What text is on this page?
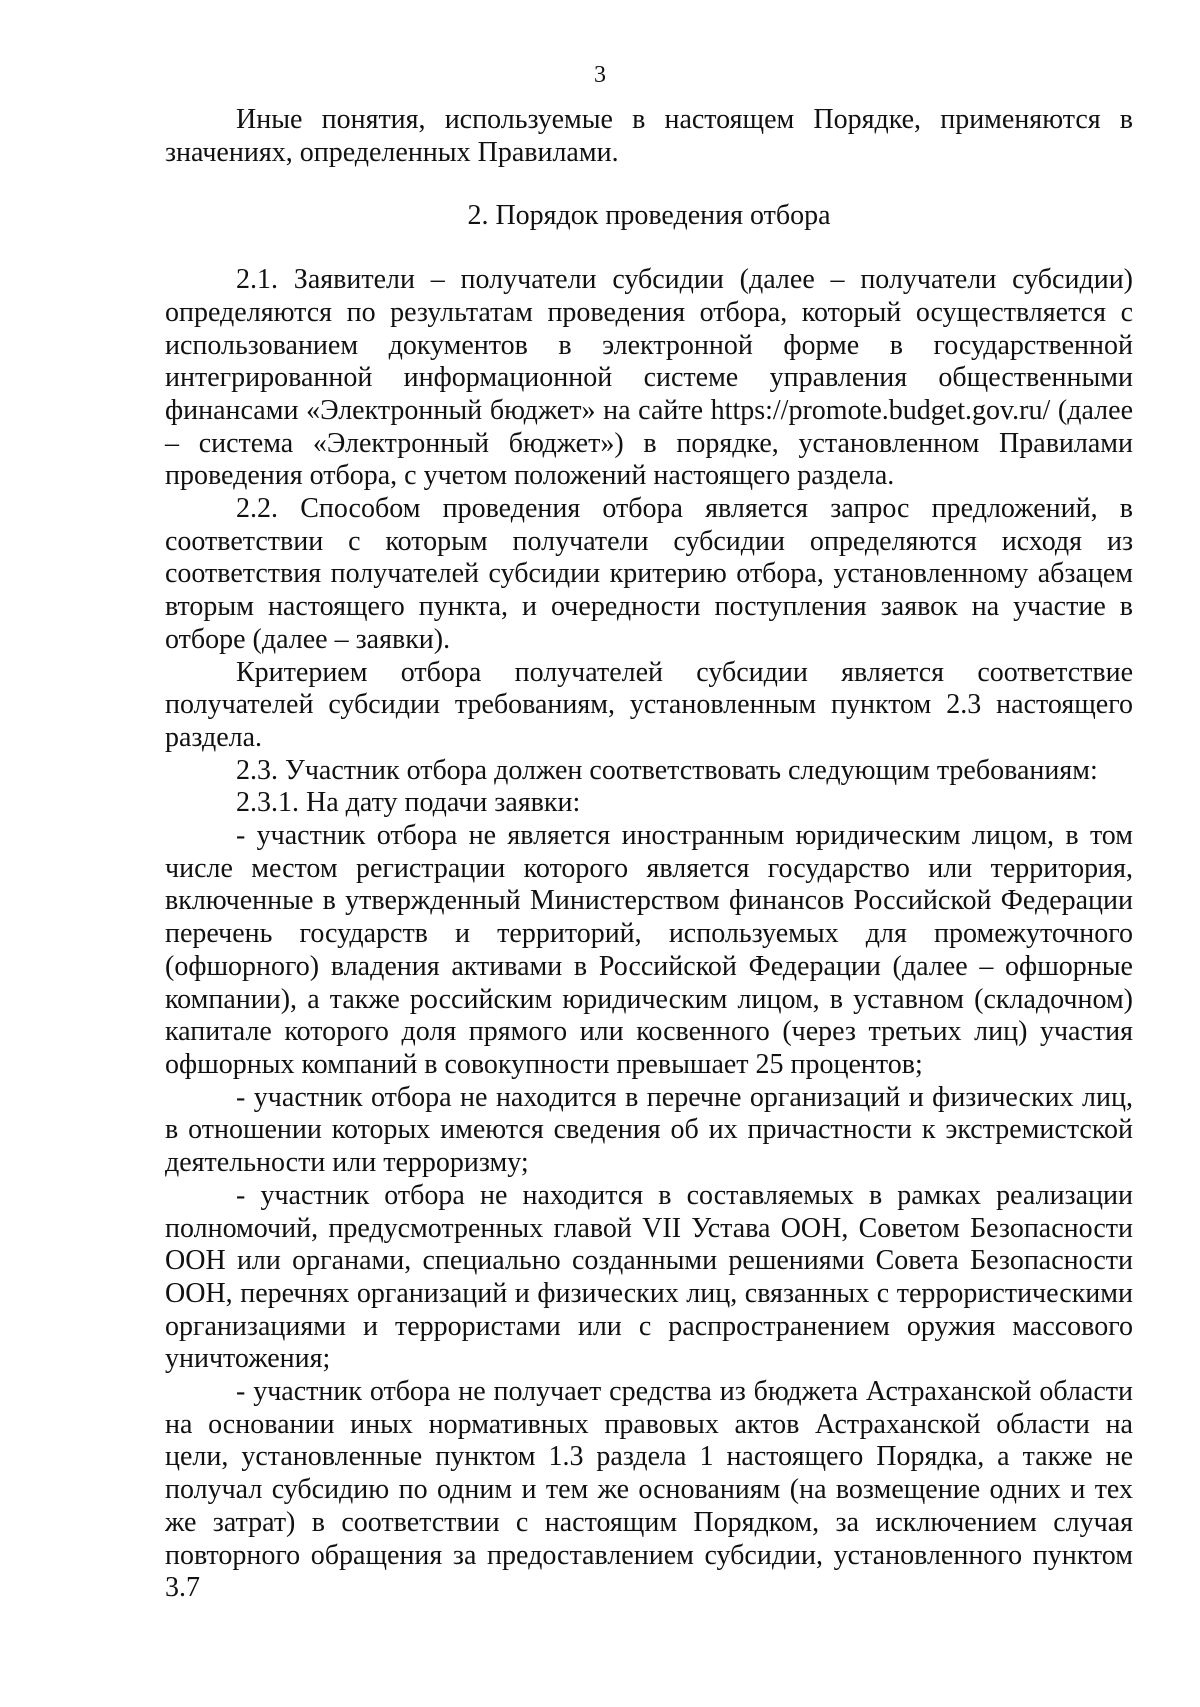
3

Иные понятия, используемые в настоящем Порядке, применяются в значениях, определенных Правилами.

2. Порядок проведения отбора

2.1. Заявители – получатели субсидии (далее – получатели субсидии) определяются по результатам проведения отбора, который осуществляется с использованием документов в электронной форме в государственной интегрированной информационной системе управления общественными финансами «Электронный бюджет» на сайте https://promote.budget.gov.ru/ (далее – система «Электронный бюджет») в порядке, установленном Правилами проведения отбора, с учетом положений настоящего раздела.

2.2. Способом проведения отбора является запрос предложений, в соответствии с которым получатели субсидии определяются исходя из соответствия получателей субсидии критерию отбора, установленному абзацем вторым настоящего пункта, и очередности поступления заявок на участие в отборе (далее – заявки).

Критерием отбора получателей субсидии является соответствие получателей субсидии требованиям, установленным пунктом 2.3 настоящего раздела.

2.3. Участник отбора должен соответствовать следующим требованиям:

2.3.1. На дату подачи заявки:

- участник отбора не является иностранным юридическим лицом, в том числе местом регистрации которого является государство или территория, включенные в утвержденный Министерством финансов Российской Федерации перечень государств и территорий, используемых для промежуточного (офшорного) владения активами в Российской Федерации (далее – офшорные компании), а также российским юридическим лицом, в уставном (складочном) капитале которого доля прямого или косвенного (через третьих лиц) участия офшорных компаний в совокупности превышает 25 процентов;

- участник отбора не находится в перечне организаций и физических лиц, в отношении которых имеются сведения об их причастности к экстремистской деятельности или терроризму;

- участник отбора не находится в составляемых в рамках реализации полномочий, предусмотренных главой VII Устава ООН, Советом Безопасности ООН или органами, специально созданными решениями Совета Безопасности ООН, перечнях организаций и физических лиц, связанных с террористическими организациями и террористами или с распространением оружия массового уничтожения;

- участник отбора не получает средства из бюджета Астраханской области на основании иных нормативных правовых актов Астраханской области на цели, установленные пунктом 1.3 раздела 1 настоящего Порядка, а также не получал субсидию по одним и тем же основаниям (на возмещение одних и тех же затрат) в соответствии с настоящим Порядком, за исключением случая повторного обращения за предоставлением субсидии, установленного пунктом 3.7
